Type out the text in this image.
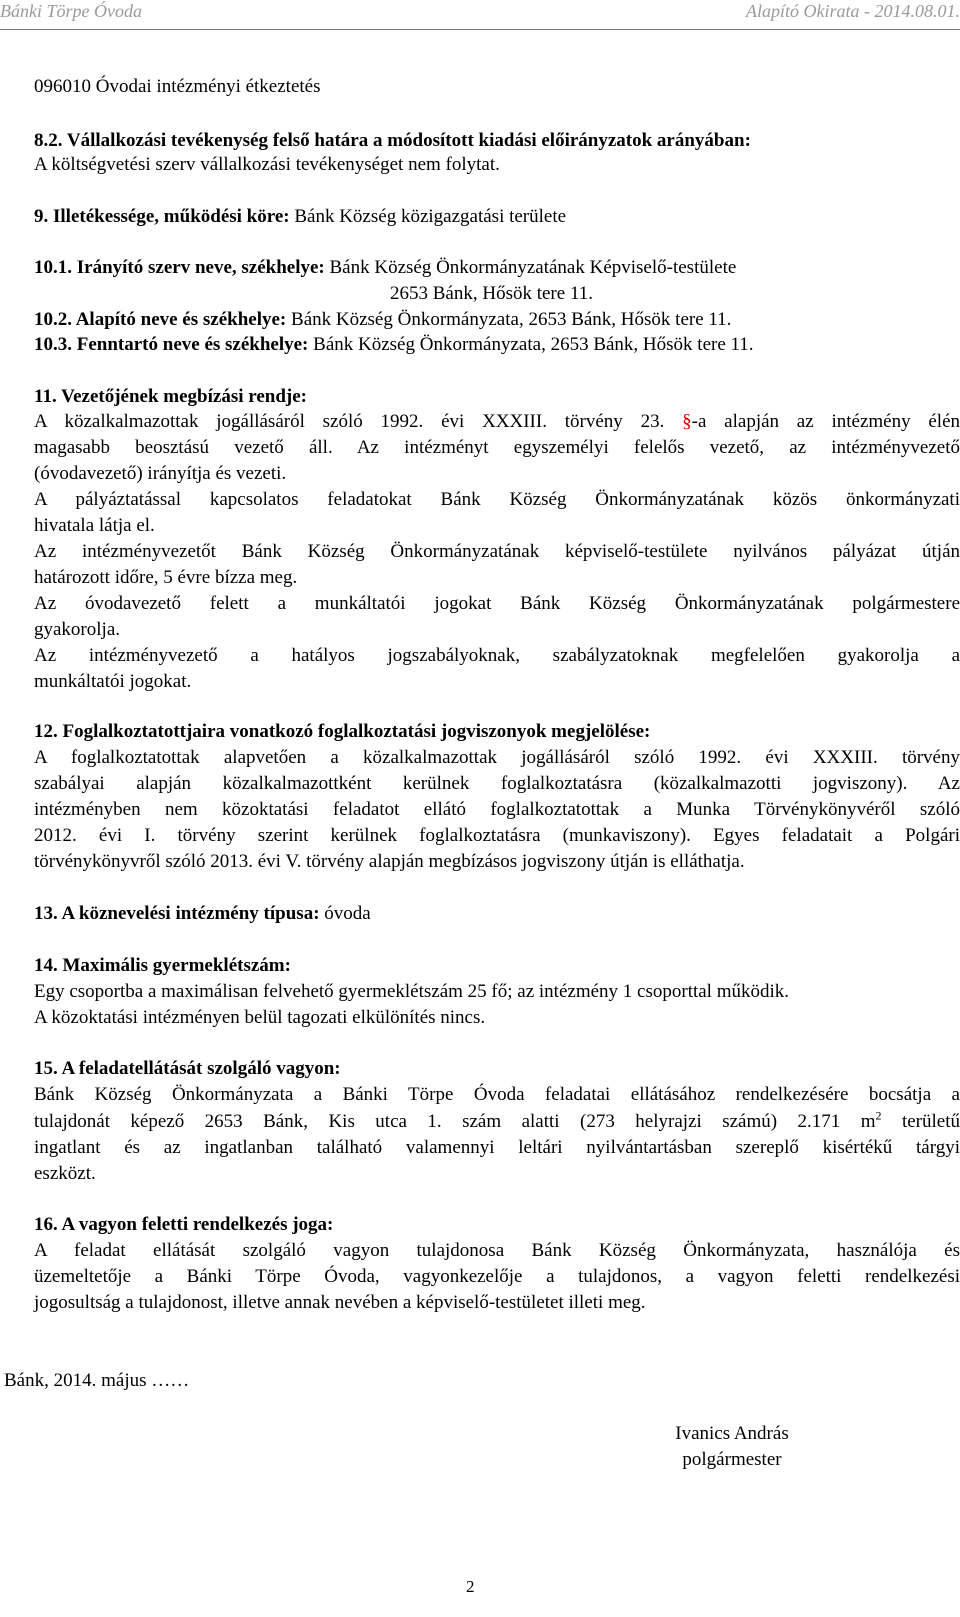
Bánki Törpe Óvoda	Alapító Okirata - 2014.08.01.
096010 Óvodai intézményi étkeztetés
8.2. Vállalkozási tevékenység felső határa a módosított kiadási előirányzatok arányában:
A költségvetési szerv vállalkozási tevékenységet nem folytat.
9. Illetékessége, működési köre: Bánk Község közigazgatási területe
10.1. Irányító szerv neve, székhelye: Bánk Község Önkormányzatának Képviselő-testülete
2653 Bánk, Hősök tere 11.
10.2. Alapító neve és székhelye: Bánk Község Önkormányzata, 2653 Bánk, Hősök tere 11.
10.3. Fenntartó neve és székhelye: Bánk Község Önkormányzata, 2653 Bánk, Hősök tere 11.
11. Vezetőjének megbízási rendje:
A közalkalmazottak jogállásáról szóló 1992. évi XXXIII. törvény 23. §-a alapján az intézmény élén
magasabb beosztású vezető áll. Az intézményt egyszemélyi felelős vezető, az intézményvezető
(óvodavezető) irányítja és vezeti.
A pályáztatással kapcsolatos feladatokat Bánk Község Önkormányzatának közös önkormányzati
hivatala látja el.
Az intézményvezetőt Bánk Község Önkormányzatának képviselő-testülete nyilvános pályázat útján
határozott időre, 5 évre bízza meg.
Az óvodavezető felett a munkáltatói jogokat Bánk Község Önkormányzatának polgármestere
gyakorolja.
Az intézményvezető a hatályos jogszabályoknak, szabályzatoknak megfelelően gyakorolja a
munkáltatói jogokat.
12. Foglalkoztatottjaira vonatkozó foglalkoztatási jogviszonyok megjelölése:
A foglalkoztatottak alapvetően a közalkalmazottak jogállásáról szóló 1992. évi XXXIII. törvény
szabályai alapján közalkalmazottként kerülnek foglalkoztatásra (közalkalmazotti jogviszony). Az
intézményben nem közoktatási feladatot ellátó foglalkoztatottak a Munka Törvénykönyvéről szóló
2012. évi I. törvény szerint kerülnek foglalkoztatásra (munkaviszony). Egyes feladatait a Polgári
törvénykönyvről szóló 2013. évi V. törvény alapján megbízásos jogviszony útján is elláthatja.
13. A köznevelési intézmény típusa: óvoda
14. Maximális gyermeklétszám:
Egy csoportba a maximálisan felvehető gyermeklétszám 25 fő; az intézmény 1 csoporttal működik.
A közoktatási intézményen belül tagozati elkülönítés nincs.
15. A feladatellátását szolgáló vagyon:
Bánk Község Önkormányzata a Bánki Törpe Óvoda feladatai ellátásához rendelkezésére bocsátja a
tulajdonát képező 2653 Bánk, Kis utca 1. szám alatti (273 helyrajzi számú) 2.171 $m^2$ területű
ingatlant és az ingatlanban található valamennyi leltári nyilvántartásban szereplő kisértékű tárgyi
eszközt.
16. A vagyon feletti rendelkezés joga:
A feladat ellátását szolgáló vagyon tulajdonosa Bánk Község Önkormányzata, használója és
üzemeltetője a Bánki Törpe Óvoda, vagyonkezelője a tulajdonos, a vagyon feletti rendelkezési
jogosultság a tulajdonost, illetve annak nevében a képviselő-testületet illeti meg.
Bánk, 2014. május ……
Ivanics András
polgármester
2
